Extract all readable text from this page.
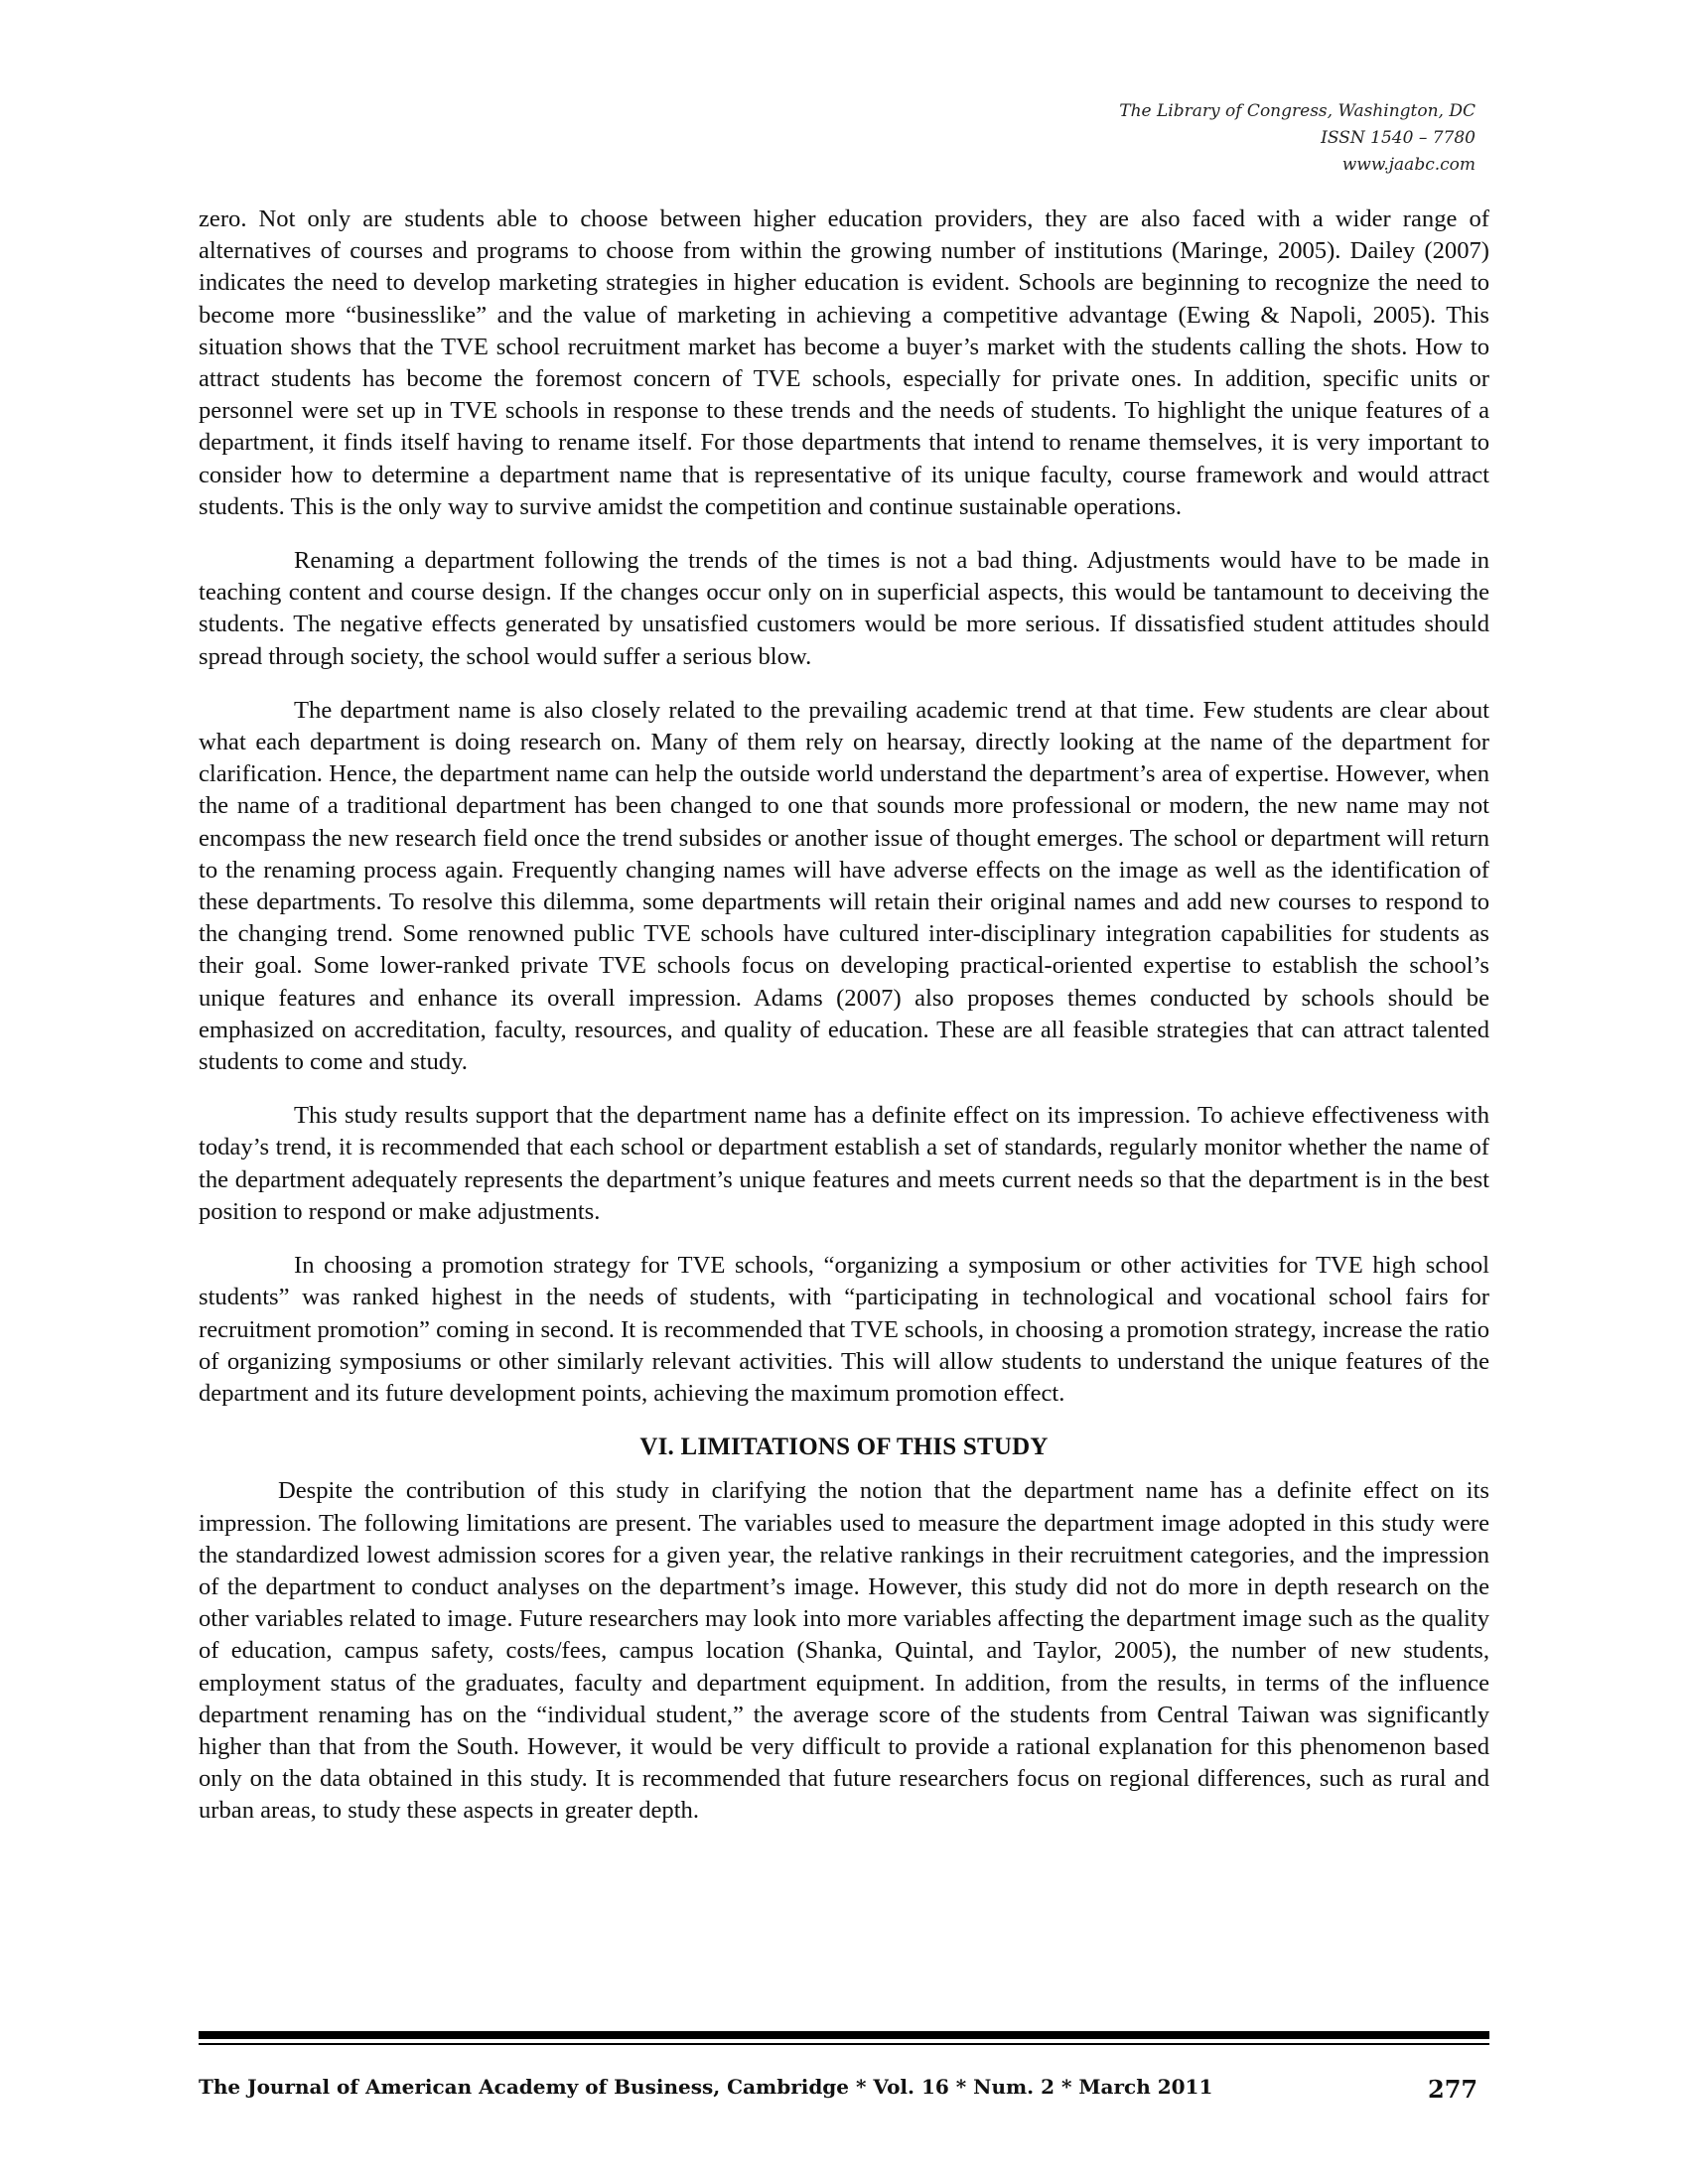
The Library of Congress, Washington, DC
ISSN 1540 – 7780
www.jaabc.com

zero. Not only are students able to choose between higher education providers, they are also faced with a wider range of alternatives of courses and programs to choose from within the growing number of institutions (Maringe, 2005). Dailey (2007) indicates the need to develop marketing strategies in higher education is evident. Schools are beginning to recognize the need to become more “businesslike” and the value of marketing in achieving a competitive advantage (Ewing & Napoli, 2005). This situation shows that the TVE school recruitment market has become a buyer’s market with the students calling the shots. How to attract students has become the foremost concern of TVE schools, especially for private ones. In addition, specific units or personnel were set up in TVE schools in response to these trends and the needs of students. To highlight the unique features of a department, it finds itself having to rename itself. For those departments that intend to rename themselves, it is very important to consider how to determine a department name that is representative of its unique faculty, course framework and would attract students. This is the only way to survive amidst the competition and continue sustainable operations.

Renaming a department following the trends of the times is not a bad thing. Adjustments would have to be made in teaching content and course design. If the changes occur only on in superficial aspects, this would be tantamount to deceiving the students. The negative effects generated by unsatisfied customers would be more serious. If dissatisfied student attitudes should spread through society, the school would suffer a serious blow.

The department name is also closely related to the prevailing academic trend at that time. Few students are clear about what each department is doing research on. Many of them rely on hearsay, directly looking at the name of the department for clarification. Hence, the department name can help the outside world understand the department’s area of expertise. However, when the name of a traditional department has been changed to one that sounds more professional or modern, the new name may not encompass the new research field once the trend subsides or another issue of thought emerges. The school or department will return to the renaming process again. Frequently changing names will have adverse effects on the image as well as the identification of these departments. To resolve this dilemma, some departments will retain their original names and add new courses to respond to the changing trend. Some renowned public TVE schools have cultured inter-disciplinary integration capabilities for students as their goal. Some lower-ranked private TVE schools focus on developing practical-oriented expertise to establish the school’s unique features and enhance its overall impression. Adams (2007) also proposes themes conducted by schools should be emphasized on accreditation, faculty, resources, and quality of education. These are all feasible strategies that can attract talented students to come and study.

This study results support that the department name has a definite effect on its impression. To achieve effectiveness with today’s trend, it is recommended that each school or department establish a set of standards, regularly monitor whether the name of the department adequately represents the department’s unique features and meets current needs so that the department is in the best position to respond or make adjustments.

In choosing a promotion strategy for TVE schools, “organizing a symposium or other activities for TVE high school students” was ranked highest in the needs of students, with “participating in technological and vocational school fairs for recruitment promotion” coming in second. It is recommended that TVE schools, in choosing a promotion strategy, increase the ratio of organizing symposiums or other similarly relevant activities. This will allow students to understand the unique features of the department and its future development points, achieving the maximum promotion effect.

VI. LIMITATIONS OF THIS STUDY

Despite the contribution of this study in clarifying the notion that the department name has a definite effect on its impression. The following limitations are present. The variables used to measure the department image adopted in this study were the standardized lowest admission scores for a given year, the relative rankings in their recruitment categories, and the impression of the department to conduct analyses on the department’s image. However, this study did not do more in depth research on the other variables related to image. Future researchers may look into more variables affecting the department image such as the quality of education, campus safety, costs/fees, campus location (Shanka, Quintal, and Taylor, 2005), the number of new students, employment status of the graduates, faculty and department equipment. In addition, from the results, in terms of the influence department renaming has on the “individual student,” the average score of the students from Central Taiwan was significantly higher than that from the South. However, it would be very difficult to provide a rational explanation for this phenomenon based only on the data obtained in this study. It is recommended that future researchers focus on regional differences, such as rural and urban areas, to study these aspects in greater depth.

The Journal of American Academy of Business, Cambridge * Vol. 16 * Num. 2 * March 2011	277
